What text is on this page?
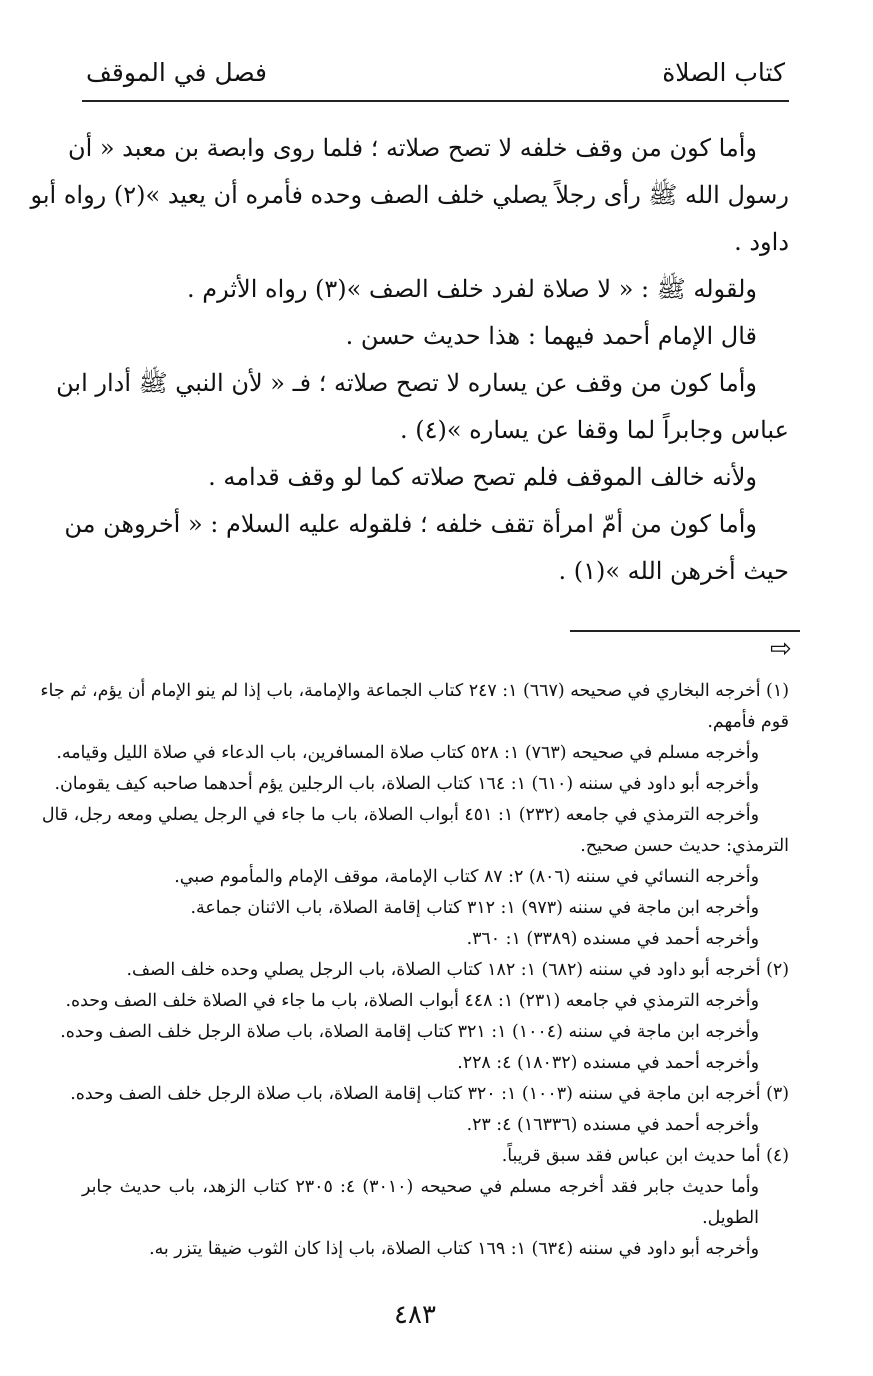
فصل في الموقف	كتاب الصلاة
وأما كون من وقف خلفه لا تصح صلاته ؛ فلما روى وابصة بن معبد « أن
رسول الله ﷺ رأى رجلاً يصلي خلف الصف وحده فأمره أن يعيد »(٢) رواه أبو
داود .
ولقوله ﷺ : « لا صلاة لفرد خلف الصف »(٣) رواه الأثرم .
قال الإمام أحمد فيهما : هذا حديث حسن .
وأما كون من وقف عن يساره لا تصح صلاته ؛ فـ « لأن النبي ﷺ أدار ابن
عباس وجابراً لما وقفا عن يساره »(٤) .
ولأنه خالف الموقف فلم تصح صلاته كما لو وقف قدامه .
وأما كون من أمّ امرأة تقف خلفه ؛ فلقوله عليه السلام : « أخروهن من
حيث أخرهن الله »(١) .
⇨
(١) أخرجه البخاري في صحيحه (٦٦٧) ١: ٢٤٧ كتاب الجماعة والإمامة، باب إذا لم ينو الإمام أن يؤم، ثم جاء
قوم فأمهم.
وأخرجه مسلم في صحيحه (٧٦٣) ١: ٥٢٨ كتاب صلاة المسافرين، باب الدعاء في صلاة الليل وقيامه.
وأخرجه أبو داود في سننه (٦١٠) ١: ١٦٤ كتاب الصلاة، باب الرجلين يؤم أحدهما صاحبه كيف يقومان.
وأخرجه الترمذي في جامعه (٢٣٢) ١: ٤٥١ أبواب الصلاة، باب ما جاء في الرجل يصلي ومعه رجل، قال
الترمذي: حديث حسن صحيح.
وأخرجه النسائي في سننه (٨٠٦) ٢: ٨٧ كتاب الإمامة، موقف الإمام والمأموم صبي.
وأخرجه ابن ماجة في سننه (٩٧٣) ١: ٣١٢ كتاب إقامة الصلاة، باب الاثنان جماعة.
وأخرجه أحمد في مسنده (٣٣٨٩) ١: ٣٦٠.
(٢) أخرجه أبو داود في سننه (٦٨٢) ١: ١٨٢ كتاب الصلاة، باب الرجل يصلي وحده خلف الصف.
وأخرجه الترمذي في جامعه (٢٣١) ١: ٤٤٨ أبواب الصلاة، باب ما جاء في الصلاة خلف الصف وحده.
وأخرجه ابن ماجة في سننه (١٠٠٤) ١: ٣٢١ كتاب إقامة الصلاة، باب صلاة الرجل خلف الصف وحده.
وأخرجه أحمد في مسنده (١٨٠٣٢) ٤: ٢٢٨.
(٣) أخرجه ابن ماجة في سننه (١٠٠٣) ١: ٣٢٠ كتاب إقامة الصلاة، باب صلاة الرجل خلف الصف وحده.
وأخرجه أحمد في مسنده (١٦٣٣٦) ٤: ٢٣.
(٤) أما حديث ابن عباس فقد سبق قريباً.
وأما حديث جابر فقد أخرجه مسلم في صحيحه (٣٠١٠) ٤: ٢٣٠٥ كتاب الزهد، باب حديث جابر
الطويل.
وأخرجه أبو داود في سننه (٦٣٤) ١: ١٦٩ كتاب الصلاة، باب إذا كان الثوب ضيقا يتزر به.
٤٨٣
